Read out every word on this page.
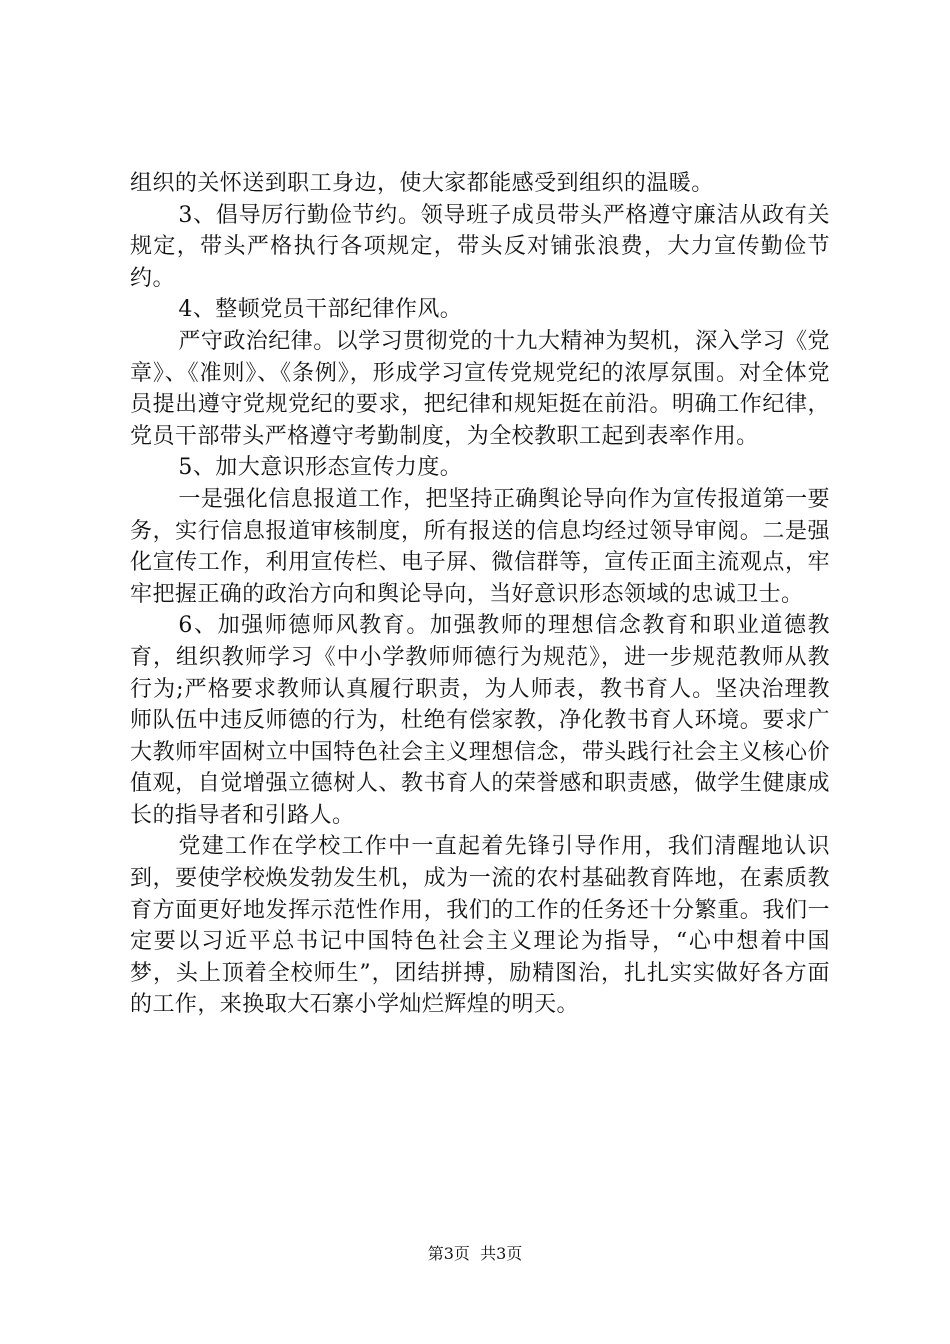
组织的关怀送到职工身边，使大家都能感受到组织的温暖。

3、倡导厉行勤俭节约。领导班子成员带头严格遵守廉洁从政有关规定，带头严格执行各项规定，带头反对铺张浪费，大力宣传勤俭节约。

4、整顿党员干部纪律作风。

严守政治纪律。以学习贯彻党的十九大精神为契机，深入学习《党章》、《准则》、《条例》，形成学习宣传党规党纪的浓厚氛围。对全体党员提出遵守党规党纪的要求，把纪律和规矩挺在前沿。明确工作纪律，党员干部带头严格遵守考勤制度，为全校教职工起到表率作用。

5、加大意识形态宣传力度。

一是强化信息报道工作，把坚持正确舆论导向作为宣传报道第一要务，实行信息报道审核制度，所有报送的信息均经过领导审阅。二是强化宣传工作，利用宣传栏、电子屏、微信群等，宣传正面主流观点，牢牢把握正确的政治方向和舆论导向，当好意识形态领域的忠诚卫士。

6、加强师德师风教育。加强教师的理想信念教育和职业道德教育，组织教师学习《中小学教师师德行为规范》，进一步规范教师从教行为;严格要求教师认真履行职责，为人师表，教书育人。坚决治理教师队伍中违反师德的行为，杜绝有偿家教，净化教书育人环境。要求广大教师牢固树立中国特色社会主义理想信念，带头践行社会主义核心价值观，自觉增强立德树人、教书育人的荣誉感和职责感，做学生健康成长的指导者和引路人。

党建工作在学校工作中一直起着先锋引导作用，我们清醒地认识到，要使学校焕发勃发生机，成为一流的农村基础教育阵地，在素质教育方面更好地发挥示范性作用，我们的工作的任务还十分繁重。我们一定要以习近平总书记中国特色社会主义理论为指导，“心中想着中国梦，头上顶着全校师生”，团结拼搏，励精图治，扎扎实实做好各方面的工作，来换取大石寨小学灿烂辉煌的明天。

第3页  共3页
